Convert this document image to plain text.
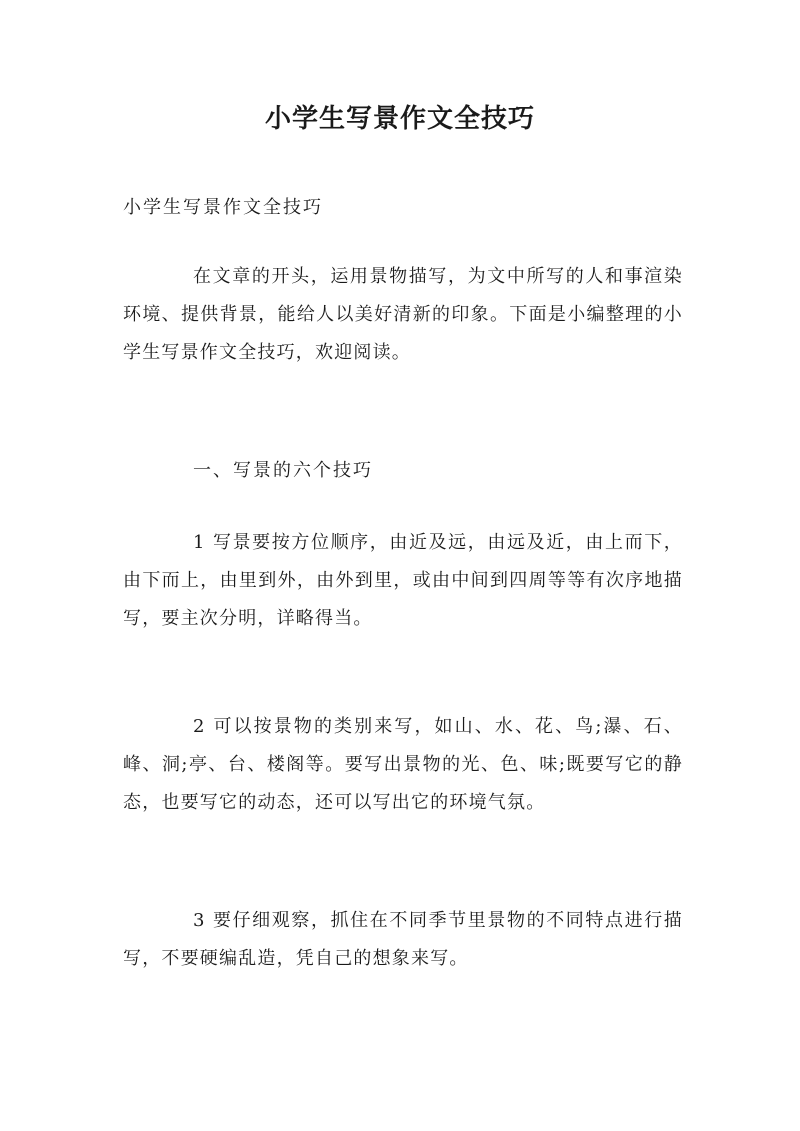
小学生写景作文全技巧
小学生写景作文全技巧

在文章的开头，运用景物描写，为文中所写的人和事渲染环境、提供背景，能给人以美好清新的印象。下面是小编整理的小学生写景作文全技巧，欢迎阅读。

一、写景的六个技巧

1 写景要按方位顺序，由近及远，由远及近，由上而下，由下而上，由里到外，由外到里，或由中间到四周等等有次序地描写，要主次分明，详略得当。

2 可以按景物的类别来写，如山、水、花、鸟;瀑、石、峰、洞;亭、台、楼阁等。要写出景物的光、色、味;既要写它的静态，也要写它的动态，还可以写出它的环境气氛。

3 要仔细观察，抓住在不同季节里景物的不同特点进行描写，不要硬编乱造，凭自己的想象来写。
